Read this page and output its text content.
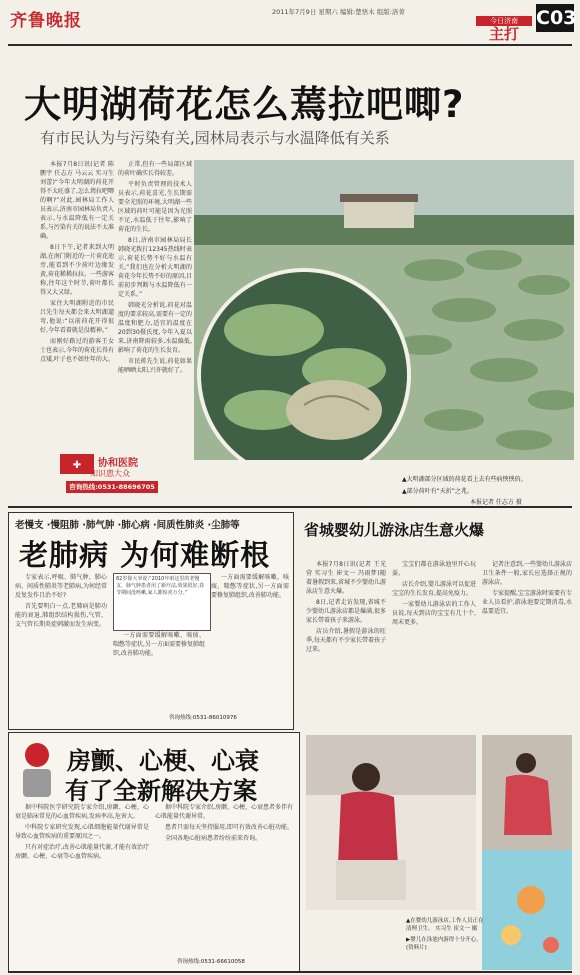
齐鲁晚报	2011年7月9日 星期六 编辑:楚悟木 组版:洛菁
今日济南
主打
C03
大明湖荷花怎么蔫拉吧唧?
有市民认为与污染有关,园林局表示与水温降低有关系

本报7月8日讯(记者 陈鹏宇 任志方 马云云 实习生 刘蕾)“今年大明湖的荷花开得不太旺盛了,怎么蔫拉吧唧的啊?”对此,园林局工作人员表示,济南市园林局负责人表示,与水温降低有一定关系,与污染有关的说法不太准确。

8日下午,记者来到大明湖,在南门附近的一片荷花池旁,能看到不少荷叶边缘发黄,荷花稀稀拉拉。一些游客称,往年这个时节,荷叶都长得又大又绿。

家住大明湖附近的市民吕先生每天都会来大明湖遛弯,他说:“以前荷花开得很好,今年看着就是没精神。”

而刚好路过的游客王女士也表示,今年的荷花长得有点矮,叶子也不如往年的大。

正常,但有一些局部区域的荷叶确实长得较差。

平时负责管理的技术人员表示,荷花喜光,生长期需要全光照的环境,大明湖一些区域的荷叶可能是因为光照不足,水温低于往年,影响了荷花的生长。

8日,济南市园林局局长韩晓光拨打12345热线时表示,荷花长势不好与水温有关,“我们也在分析大明湖的荷花今年长势不好的原因,目前初步判断与水温降低有一定关系。”

韩晓光分析说,荷花对温度的要求较高,需要有一定的温度和肥力,适宜的温度在20到30摄氏度,今年入夏以来,济南降雨较多,水温偏低,影响了荷花的生长发育。

市民蒋先生说,荷花如果能晒晒太阳,兴许就好了。

▲大明湖部分区域的荷花看上去有些病怏怏的。
▲部分荷叶有“天折”之兆。
本报记者 任志方 摄
✚ 协和医院
知识惠大众
咨询热线:0531-88696705
老慢支 ·慢阻肺 ·肺气肿 ·肺心病 ·间质性肺炎 ·尘肺等
老肺病 为何难断根

专家表示,呼吸、肺气肿、肺心病、间质性肺炎等老肺病,为何经常反复发作且治不好?

首先要明白一点,老肺病是肺功能的衰退,肺组织结构损伤,气管、支气管长期炎症刺激而发生病变。

82岁徐大爷说:“2010年咱这里的老慢支、肺气肿患者用了新疗法,效果很好,春节期间没咳嗽,家人都惊喜万分。”

一方面需要缓解咳嗽、咳痰、喘憋等症状,另一方面需要修复肺组织,改善肺功能。

一方面需要缓解咳嗽、咳痰、喘憋等症状,另一方面需要修复肺组织,改善肺功能。

咨询热线:0531-86010976
省城婴幼儿游泳店生意火爆

本报7月8日讯(记者 王光营 实习生 崔文一 冯雨梦)随着暑假到来,省城不少婴幼儿游泳店生意火爆。

8日,记者走访发现,省城不少婴幼儿游泳店都是爆满,很多家长带着孩子来游泳。

店员介绍,暑假是游泳的旺季,每天都有不少家长带着孩子过来。

宝宝们都在游泳池里开心玩耍。

店长介绍,婴儿游泳可以促进宝宝的生长发育,提高免疫力。

一家婴幼儿游泳店的工作人员说,每天到店的宝宝有几十个,周末更多。

记者注意到,一些婴幼儿游泳店卫生条件一般,家长应选择正规的游泳店。

专家提醒,宝宝游泳时需要有专业人员看护,游泳池要定期消毒,水温要适宜。

▲在婴幼儿游泳店,工作人员正在清理卫生。 实习生 崔文一 摄
▶婴儿在泳池内游得十分开心。(资料片)
房颤、心梗、心衰
有了全新解决方案

据中科院医学研究院专家介绍,房颤、心梗、心衰是临床常见的心血管疾病,发病率高,危害大。

中科院专家研究发现,心肌细胞能量代谢异常是导致心血管疾病的重要原因之一。

只有对症治疗,改善心肌能量代谢,才能有效治疗房颤、心梗、心衰等心血管疾病。

据中科院专家介绍,房颤、心梗、心衰患者多伴有心肌能量代谢异常。

患者只需每天坚持服用,即可有效改善心脏功能。

全国各地心脏病患者纷纷前来咨询。

咨询热线:0531-66610058
